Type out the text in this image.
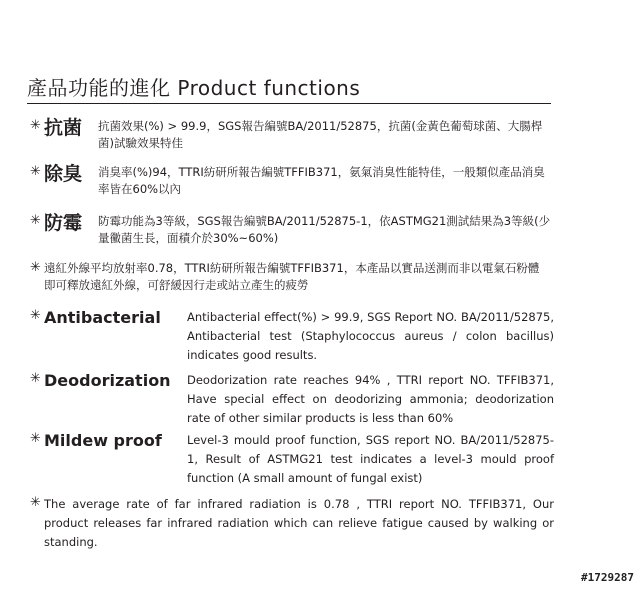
產品功能的進化 Product functions
✳ 抗菌	抗菌效果(%) > 99.9，SGS報告編號BA/2011/52875，抗菌(金黃色葡萄球菌、大腸桿菌)試驗效果特佳
✳ 除臭	消臭率(%)94，TTRI紡研所報告編號TFFIB371，氨氣消臭性能特佳，一般類似產品消臭率皆在60%以內
✳ 防霉	防霉功能為3等級，SGS報告編號BA/2011/52875-1，依ASTMG21測試結果為3等級(少量黴菌生長，面積介於30%~60%)
✳ 遠紅外線平均放射率0.78，TTRI紡研所報告編號TFFIB371，本產品以實品送測而非以電氣石粉體即可釋放遠紅外線，可舒緩因行走或站立產生的疲勞
✳ Antibacterial	Antibacterial effect(%) > 99.9, SGS Report NO. BA/2011/52875, Antibacterial test (Staphylococcus aureus / colon bacillus) indicates good results.
✳ Deodorization	Deodorization rate reaches 94% , TTRI report NO. TFFIB371, Have special effect on deodorizing ammonia; deodorization rate of other similar products is less than 60%
✳ Mildew proof	Level-3 mould proof function, SGS report NO. BA/2011/52875-1, Result of ASTMG21 test indicates a level-3 mould proof function (A small amount of fungal exist)
✳ The average rate of far infrared radiation is 0.78 , TTRI report NO. TFFIB371, Our product releases far infrared radiation which can relieve fatigue caused by walking or standing.
#1729287
